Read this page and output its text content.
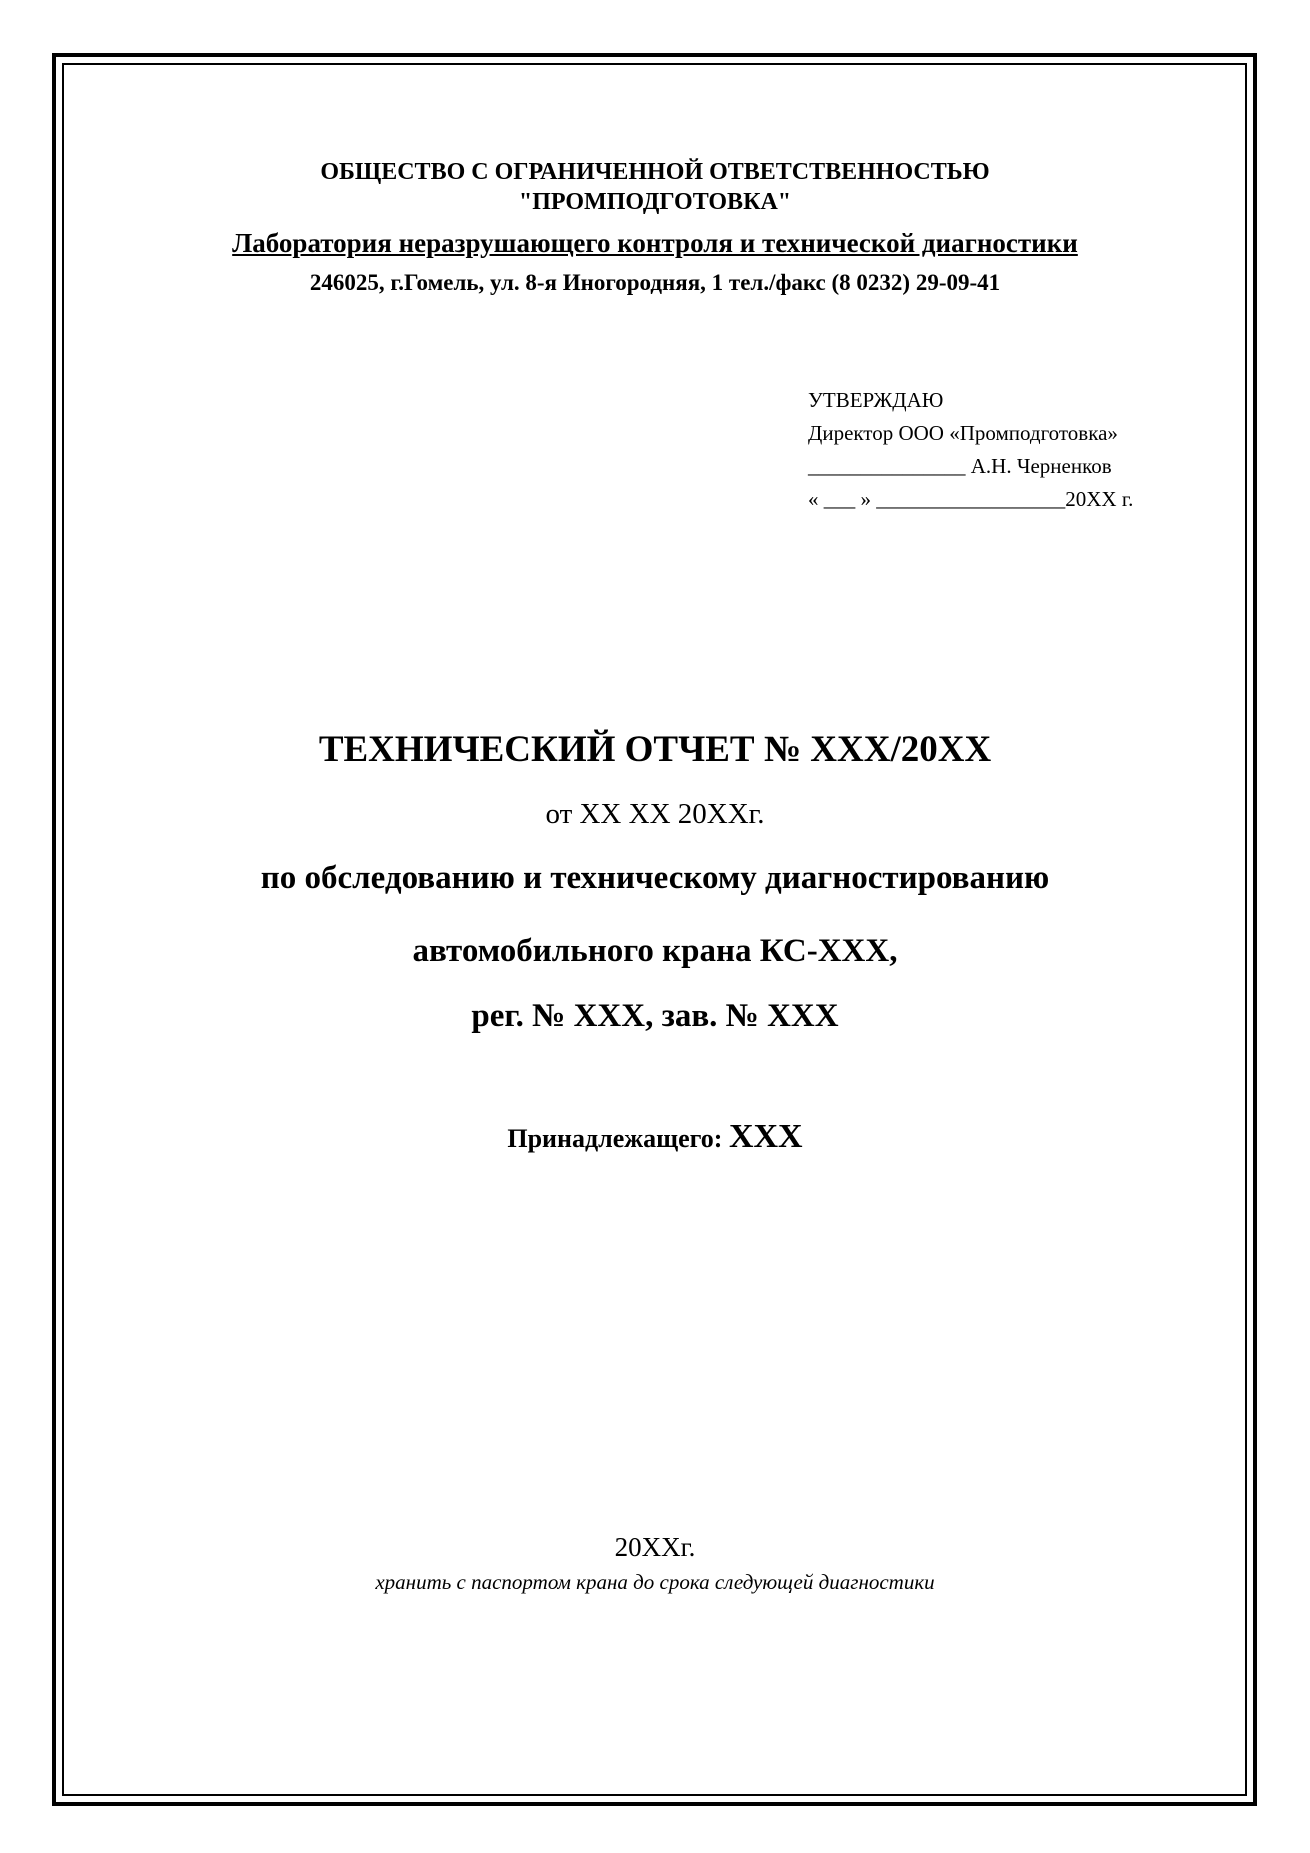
ОБЩЕСТВО С ОГРАНИЧЕННОЙ ОТВЕТСТВЕННОСТЬЮ
"ПРОМПОДГОТОВКА"
Лаборатория неразрушающего контроля и технической диагностики
246025, г.Гомель, ул. 8-я Иногородняя, 1 тел./факс (8 0232) 29-09-41
УТВЕРЖДАЮ
Директор ООО «Промподготовка»
_______________ А.Н. Черненков
« ___ » __________________20ХХ г.
ТЕХНИЧЕСКИЙ ОТЧЕТ № ХХХ/20ХХ
от ХХ ХХ 20ХХг.
по обследованию и техническому диагностированию
автомобильного крана КС-ХХХ,
рег. № ХХХ, зав. № ХХХ
Принадлежащего: ХХХ
20ХХг.
хранить с паспортом крана до срока следующей диагностики
